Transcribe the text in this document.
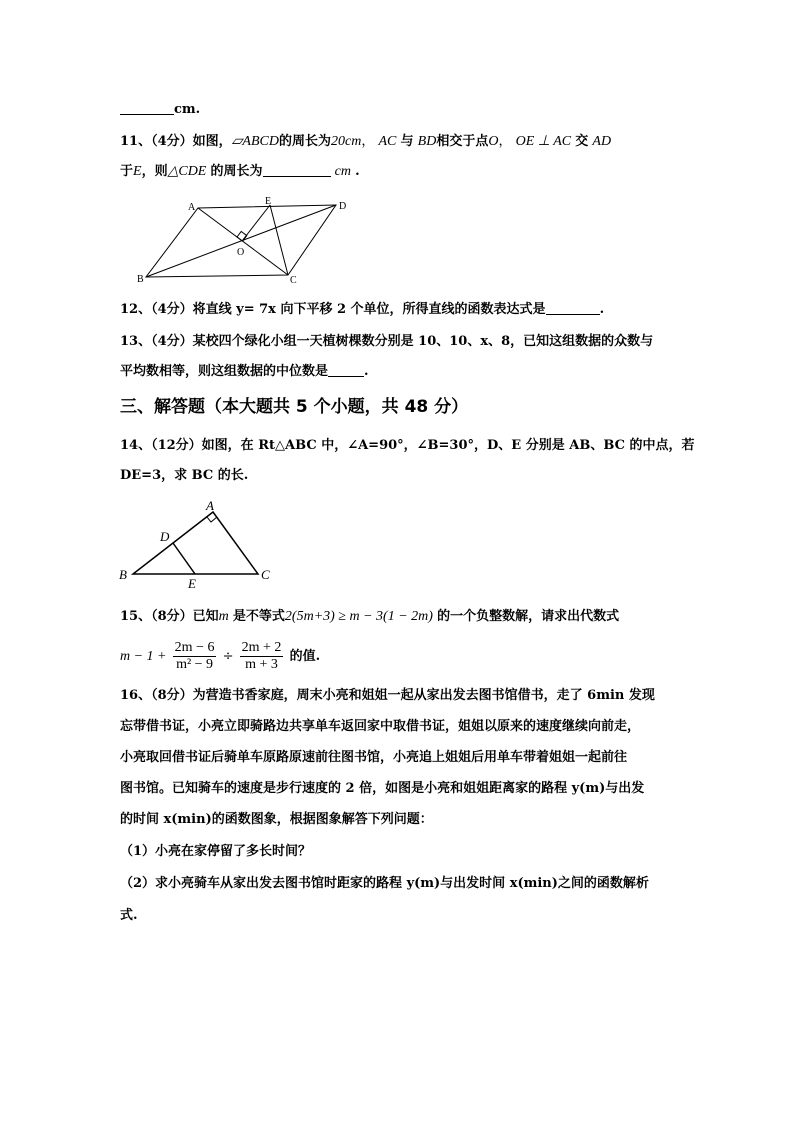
cm.
11、（4分）如图，▱ABCD的周长为20cm， AC 与 BD相交于点O， OE ⊥ AC 交 AD
于E，则△CDE 的周长为	cm .
A
E	D
O
B	C
12、（4分）将直线 y= 7x 向下平移 2 个单位，所得直线的函数表达式是	.
13、（4分）某校四个绿化小组一天植树棵数分别是 10、10、x、8，已知这组数据的众数与
平均数相等，则这组数据的中位数是	.
三、解答题（本大题共 5 个小题，共 48 分）
14、（12分）如图，在 Rt△ABC 中，∠A=90°，∠B=30°，D、E 分别是 AB、BC 的中点，若
DE=3，求 BC 的长.
A
D
B
E
C
15、（8分）已知m 是不等式2(5m+3) ≥ m − 3(1 − 2m) 的一个负整数解，请求出代数式
$m - 1 + \frac{2m - 6}{\text{m² − 9}} \div \frac{2m + 2}{m + 3}$ 的值.
16、（8分）为营造书香家庭，周末小亮和姐姐一起从家出发去图书馆借书，走了 6min 发现
忘带借书证，小亮立即骑路边共享单车返回家中取借书证，姐姐以原来的速度继续向前走，
小亮取回借书证后骑单车原路原速前往图书馆，小亮追上姐姐后用单车带着姐姐一起前往
图书馆。已知骑车的速度是步行速度的 2 倍，如图是小亮和姐姐距离家的路程 y(m)与出发
的时间 x(min)的函数图象，根据图象解答下列问题：
（1）小亮在家停留了多长时间？
（2）求小亮骑车从家出发去图书馆时距家的路程 y(m)与出发时间 x(min)之间的函数解析
式.
